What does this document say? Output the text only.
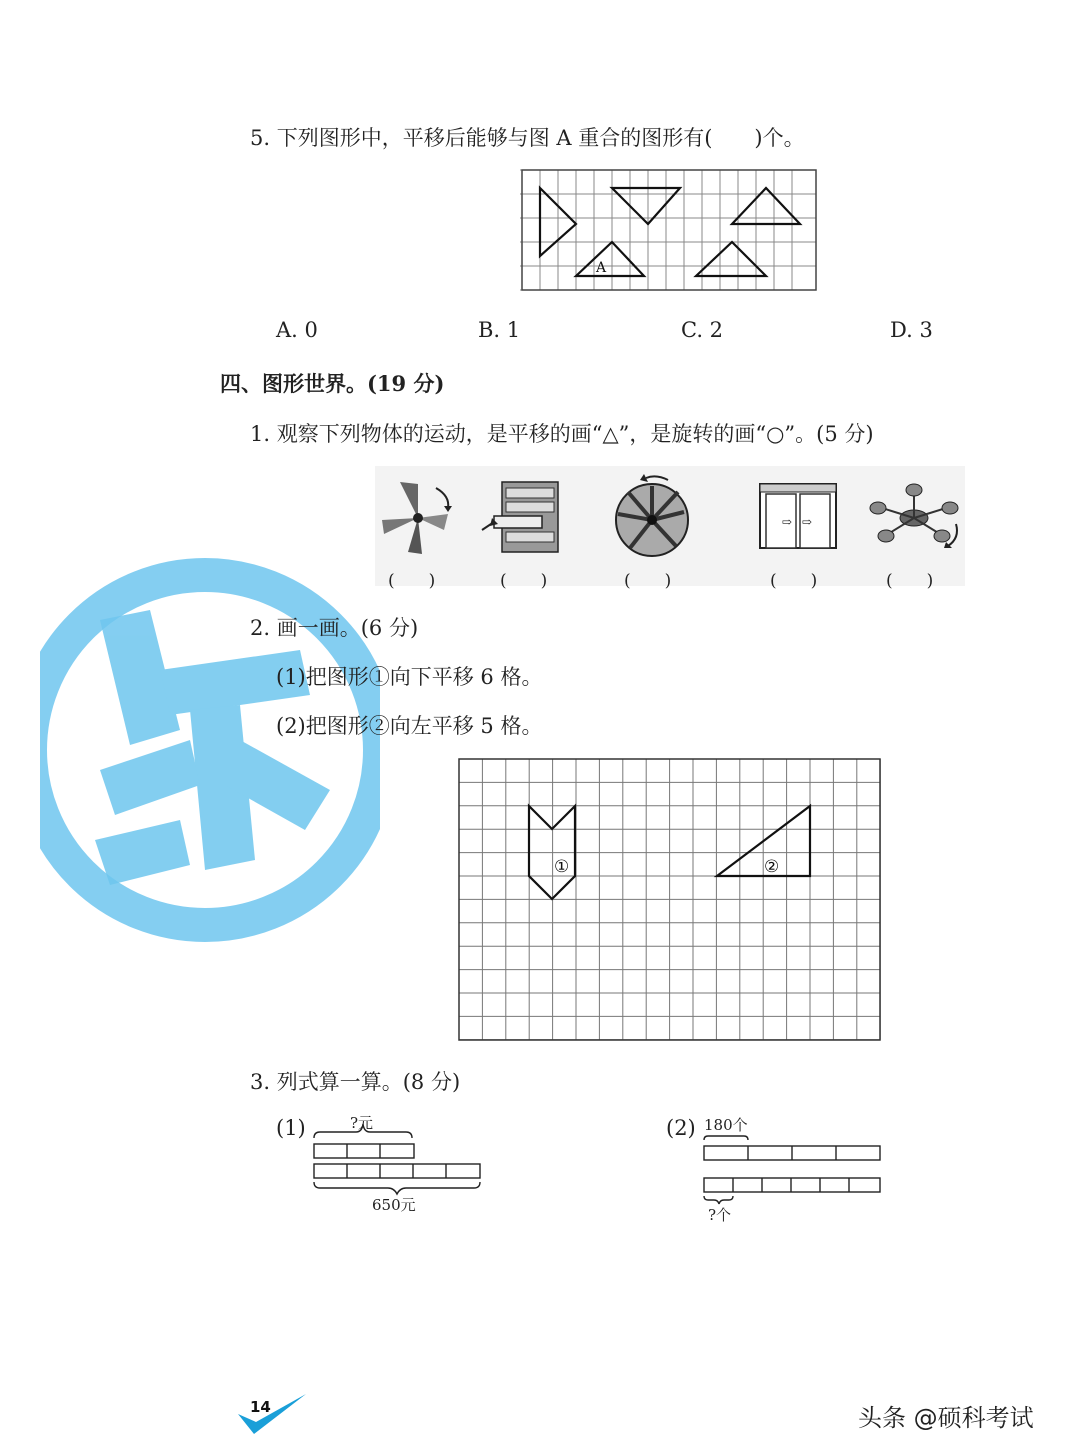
5. 下列图形中，平移后能够与图 A 重合的图形有(　　)个。
A
A. 0	B. 1	C. 2	D. 3
四、图形世界。(19 分)
1. 观察下列物体的运动，是平移的画“△”，是旋转的画“○”。(5 分)
⇨ ⇨
(　　)	(　　)	(　　)	(　　)	(　　)
2. 画一画。(6 分)
(1)把图形①向下平移 6 格。
(2)把图形②向左平移 5 格。
①	②
3. 列式算一算。(8 分)
(1)	?元
650元
(2) 180个
?个
14	头条 @硕科考试
